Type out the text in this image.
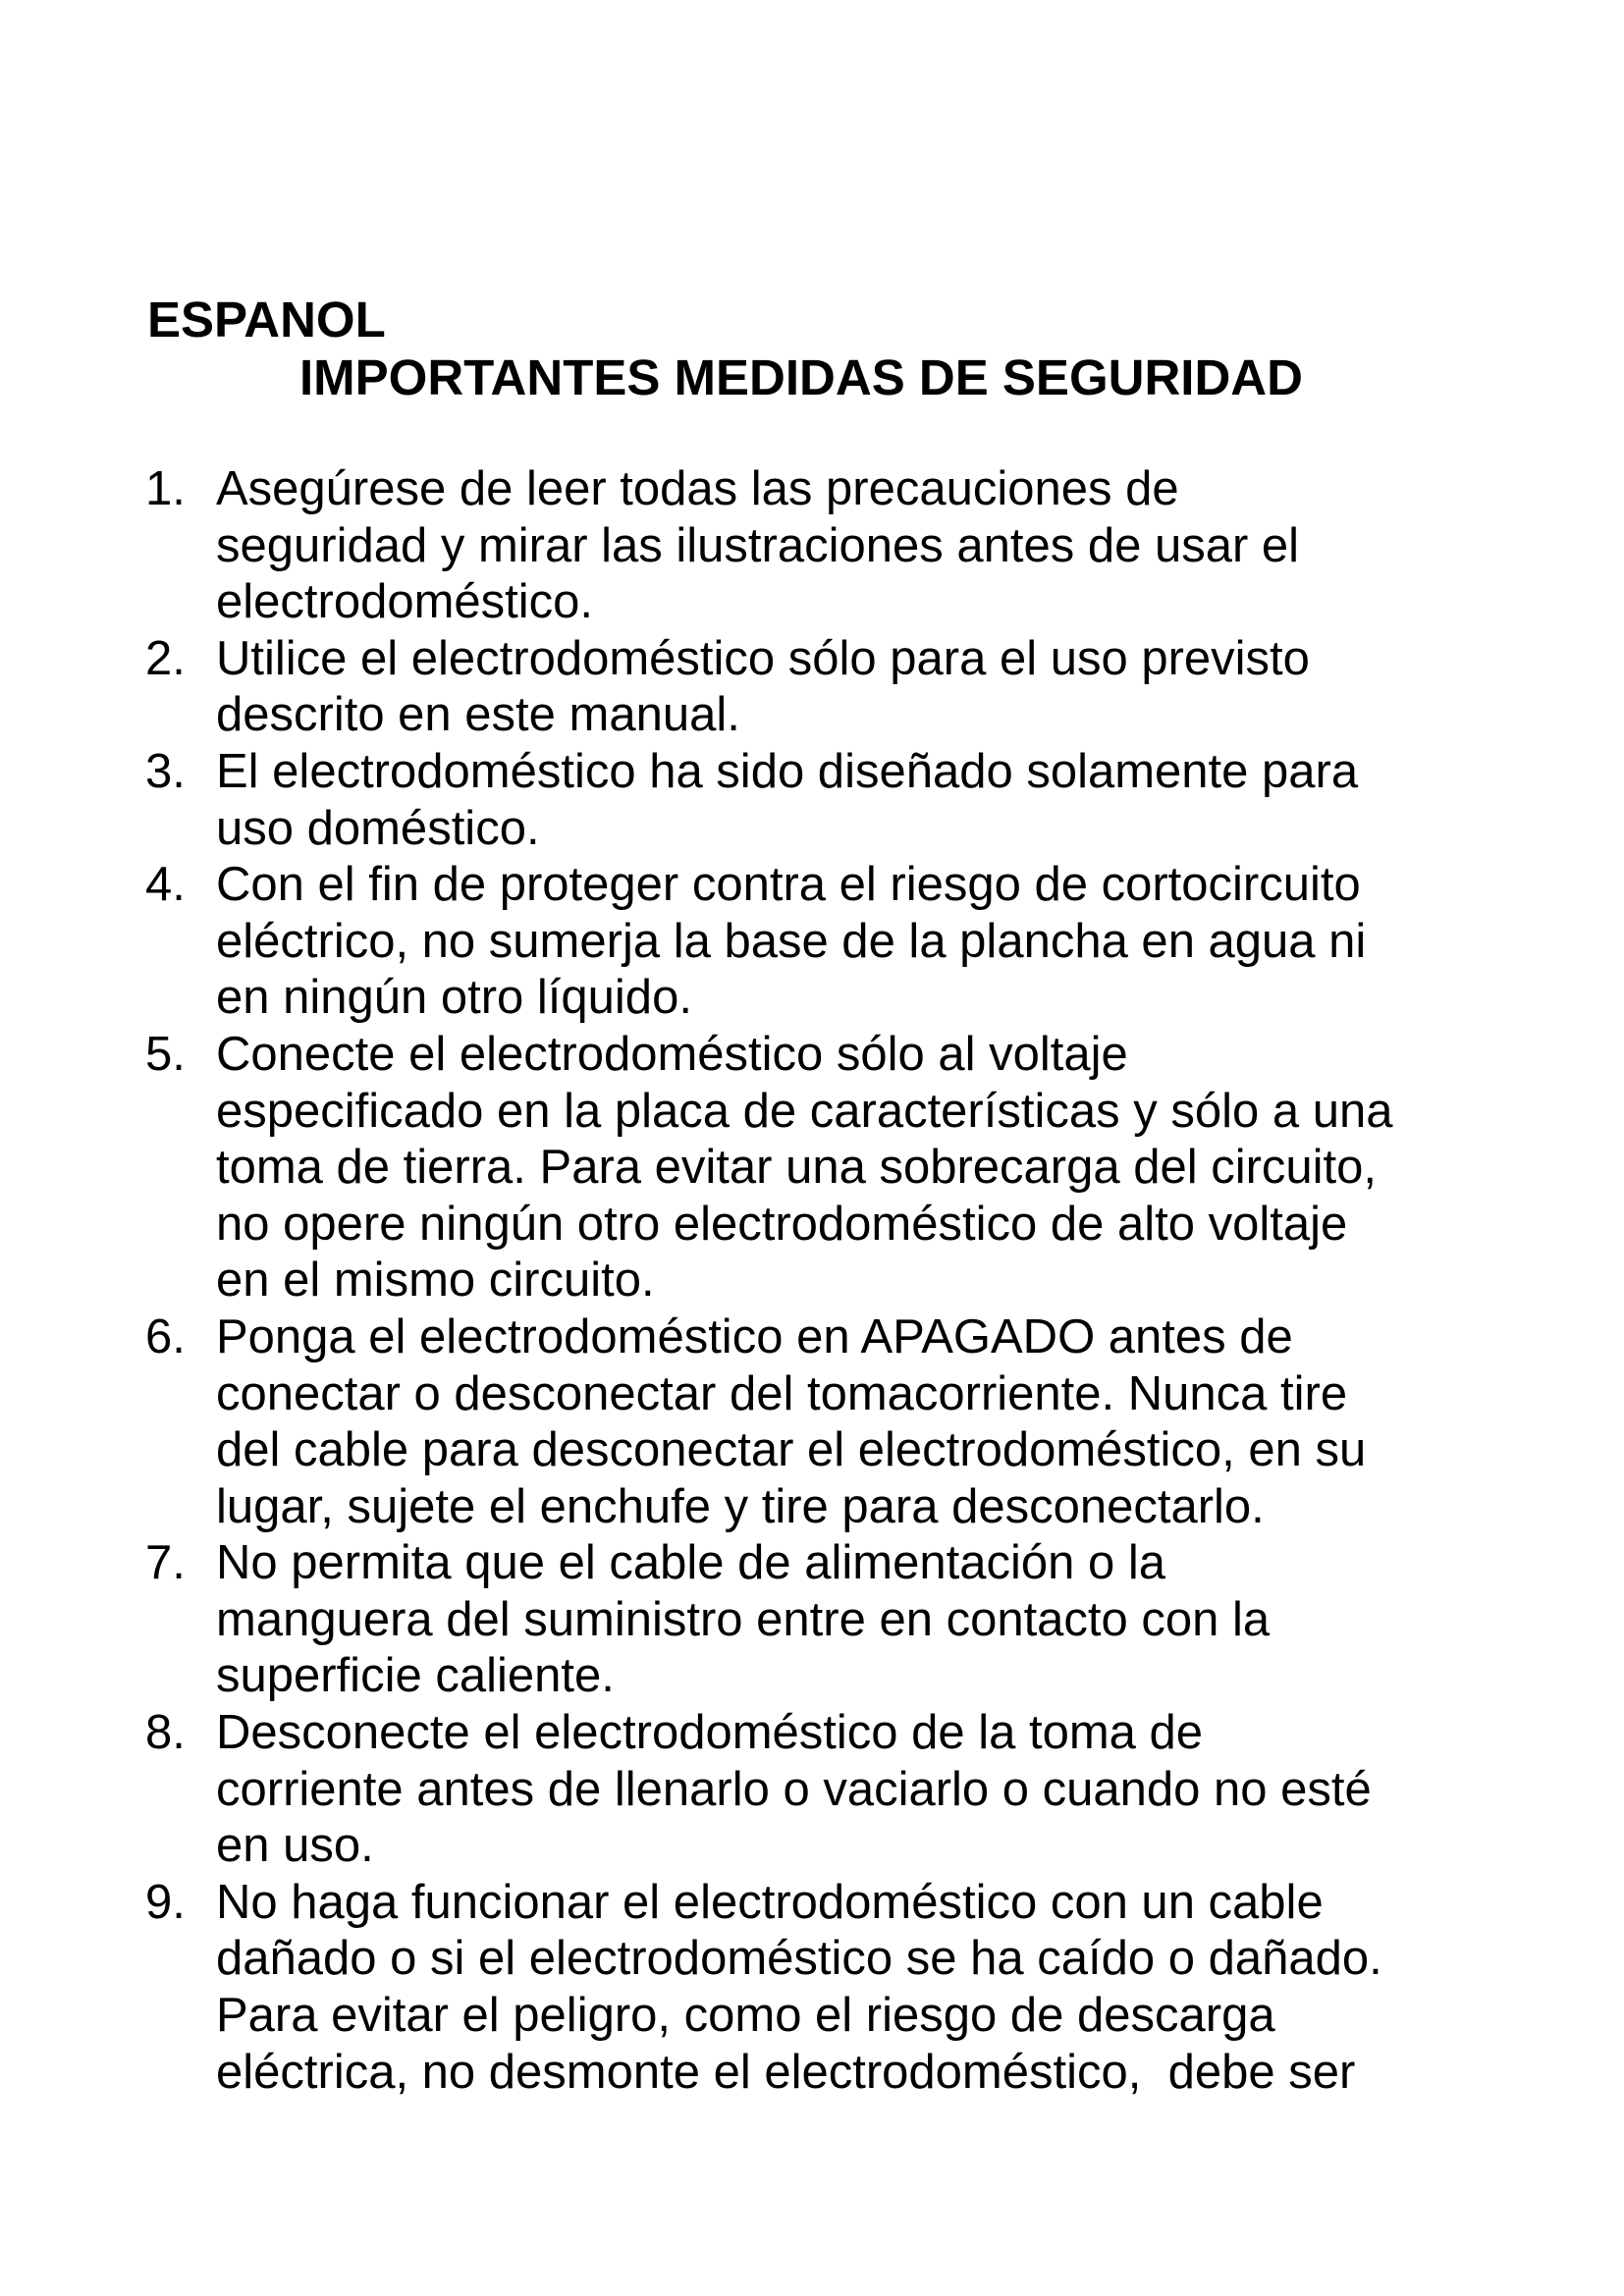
ESPANOL
IMPORTANTES MEDIDAS DE SEGURIDAD
1. Asegúrese de leer todas las precauciones de
seguridad y mirar las ilustraciones antes de usar el
electrodoméstico.
2. Utilice el electrodoméstico sólo para el uso previsto
descrito en este manual.
3. El electrodoméstico ha sido diseñado solamente para
uso doméstico.
4. Con el fin de proteger contra el riesgo de cortocircuito
eléctrico, no sumerja la base de la plancha en agua ni
en ningún otro líquido.
5. Conecte el electrodoméstico sólo al voltaje
especificado en la placa de características y sólo a una
toma de tierra. Para evitar una sobrecarga del circuito,
no opere ningún otro electrodoméstico de alto voltaje
en el mismo circuito.
6. Ponga el electrodoméstico en APAGADO antes de
conectar o desconectar del tomacorriente. Nunca tire
del cable para desconectar el electrodoméstico, en su
lugar, sujete el enchufe y tire para desconectarlo.
7. No permita que el cable de alimentación o la
manguera del suministro entre en contacto con la
superficie caliente.
8. Desconecte el electrodoméstico de la toma de
corriente antes de llenarlo o vaciarlo o cuando no esté
en uso.
9. No haga funcionar el electrodoméstico con un cable
dañado o si el electrodoméstico se ha caído o dañado.
Para evitar el peligro, como el riesgo de descarga
eléctrica, no desmonte el electrodoméstico,  debe ser
